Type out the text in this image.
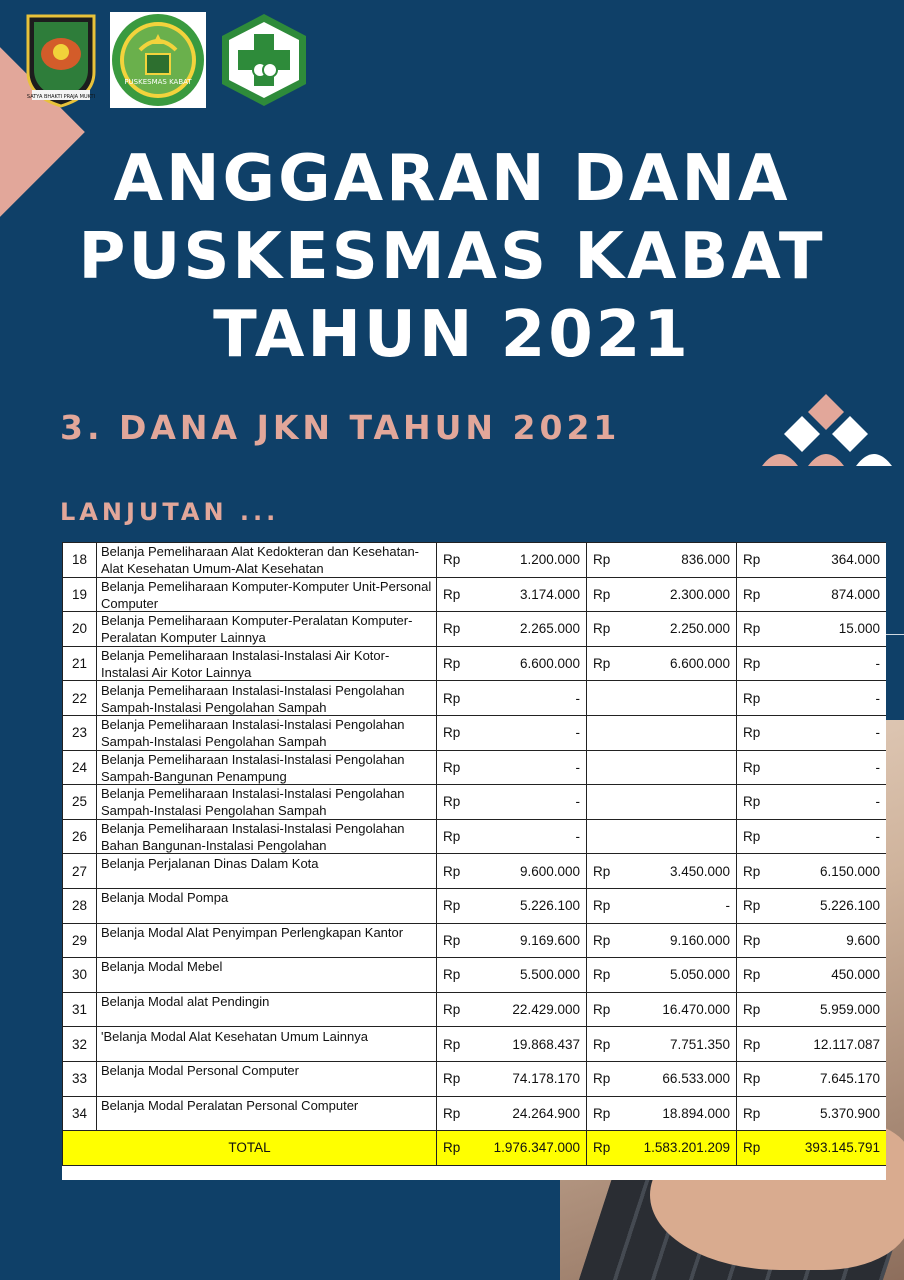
SATYA BHAKTI PRAJA MUKTI
PUSKESMAS KABAT
ANGGARAN DANA
PUSKESMAS KABAT
TAHUN 2021
3. DANA JKN TAHUN 2021
LANJUTAN ...
18	Belanja Pemeliharaan Alat Kedokteran dan Kesehatan-Alat Kesehatan Umum-Alat Kesehatan	Rp 1.200.000	Rp 836.000	Rp 364.000

19	Belanja Pemeliharaan Komputer-Komputer Unit-Personal Computer	Rp 3.174.000	Rp 2.300.000	Rp 874.000

20	Belanja Pemeliharaan Komputer-Peralatan Komputer-Peralatan Komputer Lainnya	Rp 2.265.000	Rp 2.250.000	Rp 15.000

21	Belanja Pemeliharaan Instalasi-Instalasi Air Kotor-Instalasi Air Kotor Lainnya	Rp 6.600.000	Rp 6.600.000	Rp -

22	Belanja Pemeliharaan Instalasi-Instalasi Pengolahan Sampah-Instalasi Pengolahan Sampah	Rp -		Rp -

23	Belanja Pemeliharaan Instalasi-Instalasi Pengolahan Sampah-Instalasi Pengolahan Sampah	Rp -		Rp -

24	Belanja Pemeliharaan Instalasi-Instalasi Pengolahan Sampah-Bangunan Penampung	Rp -		Rp -

25	Belanja Pemeliharaan Instalasi-Instalasi Pengolahan Sampah-Instalasi Pengolahan Sampah	Rp -		Rp -

26	Belanja Pemeliharaan Instalasi-Instalasi Pengolahan Bahan Bangunan-Instalasi Pengolahan	Rp -		Rp -

27	Belanja Perjalanan Dinas Dalam Kota	Rp 9.600.000	Rp 3.450.000	Rp 6.150.000

28	Belanja Modal Pompa	Rp 5.226.100	Rp -	Rp 5.226.100

29	Belanja Modal Alat Penyimpan Perlengkapan Kantor	Rp 9.169.600	Rp 9.160.000	Rp 9.600

30	Belanja Modal Mebel	Rp 5.500.000	Rp 5.050.000	Rp 450.000

31	Belanja Modal alat Pendingin	Rp 22.429.000	Rp 16.470.000	Rp 5.959.000

32	'Belanja Modal Alat Kesehatan Umum Lainnya	Rp 19.868.437	Rp 7.751.350	Rp 12.117.087

33	Belanja Modal Personal Computer	Rp 74.178.170	Rp 66.533.000	Rp 7.645.170

34	Belanja Modal Peralatan Personal Computer	Rp 24.264.900	Rp 18.894.000	Rp 5.370.900

TOTAL		Rp 1.976.347.000	Rp 1.583.201.209	Rp 393.145.791
